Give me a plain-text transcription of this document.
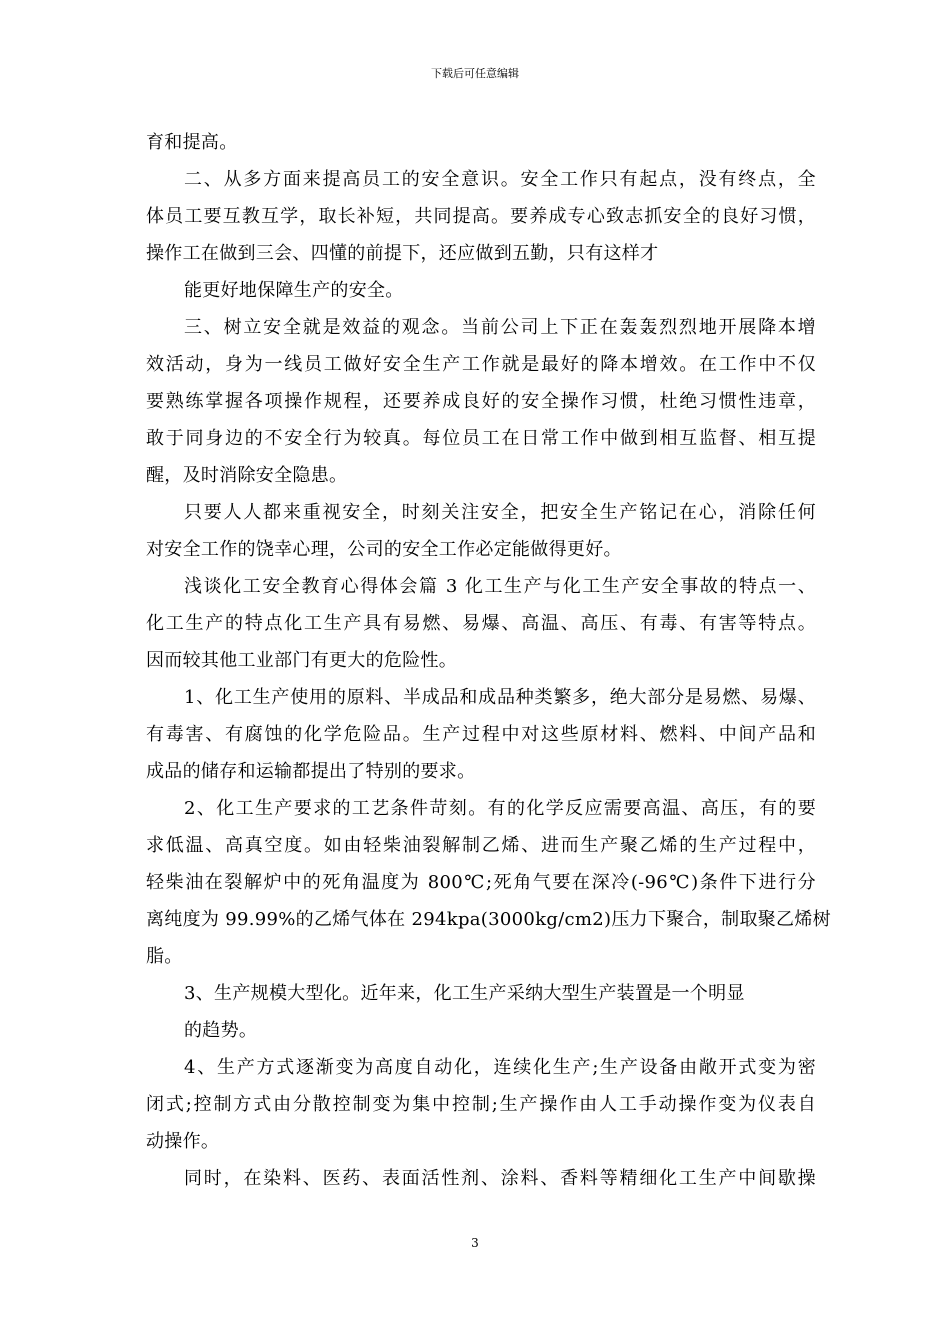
下载后可任意编辑
育和提高。
二、从多方面来提高员工的安全意识。安全工作只有起点，没有终点，全
体员工要互教互学，取长补短，共同提高。要养成专心致志抓安全的良好习惯，
操作工在做到三会、四懂的前提下，还应做到五勤，只有这样才
能更好地保障生产的安全。
三、树立安全就是效益的观念。当前公司上下正在轰轰烈烈地开展降本增
效活动，身为一线员工做好安全生产工作就是最好的降本增效。在工作中不仅
要熟练掌握各项操作规程，还要养成良好的安全操作习惯，杜绝习惯性违章，
敢于同身边的不安全行为较真。每位员工在日常工作中做到相互监督、相互提
醒，及时消除安全隐患。
只要人人都来重视安全，时刻关注安全，把安全生产铭记在心，消除任何
对安全工作的饶幸心理，公司的安全工作必定能做得更好。
浅谈化工安全教育心得体会篇 3 化工生产与化工生产安全事故的特点一、
化工生产的特点化工生产具有易燃、易爆、高温、高压、有毒、有害等特点。
因而较其他工业部门有更大的危险性。
1、化工生产使用的原料、半成品和成品种类繁多，绝大部分是易燃、易爆、
有毒害、有腐蚀的化学危险品。生产过程中对这些原材料、燃料、中间产品和
成品的储存和运输都提出了特别的要求。
2、化工生产要求的工艺条件苛刻。有的化学反应需要高温、高压，有的要
求低温、高真空度。如由轻柴油裂解制乙烯、进而生产聚乙烯的生产过程中，
轻柴油在裂解炉中的死角温度为 800℃;死角气要在深冷(-96℃)条件下进行分
离纯度为 99.99%的乙烯气体在 294kpa(3000kg/cm2)压力下聚合，制取聚乙烯树
脂。
3、生产规模大型化。近年来，化工生产采纳大型生产装置是一个明显
的趋势。
4、生产方式逐渐变为高度自动化，连续化生产;生产设备由敞开式变为密
闭式;控制方式由分散控制变为集中控制;生产操作由人工手动操作变为仪表自
动操作。
同时，在染料、医药、表面活性剂、涂料、香料等精细化工生产中间歇操
3
